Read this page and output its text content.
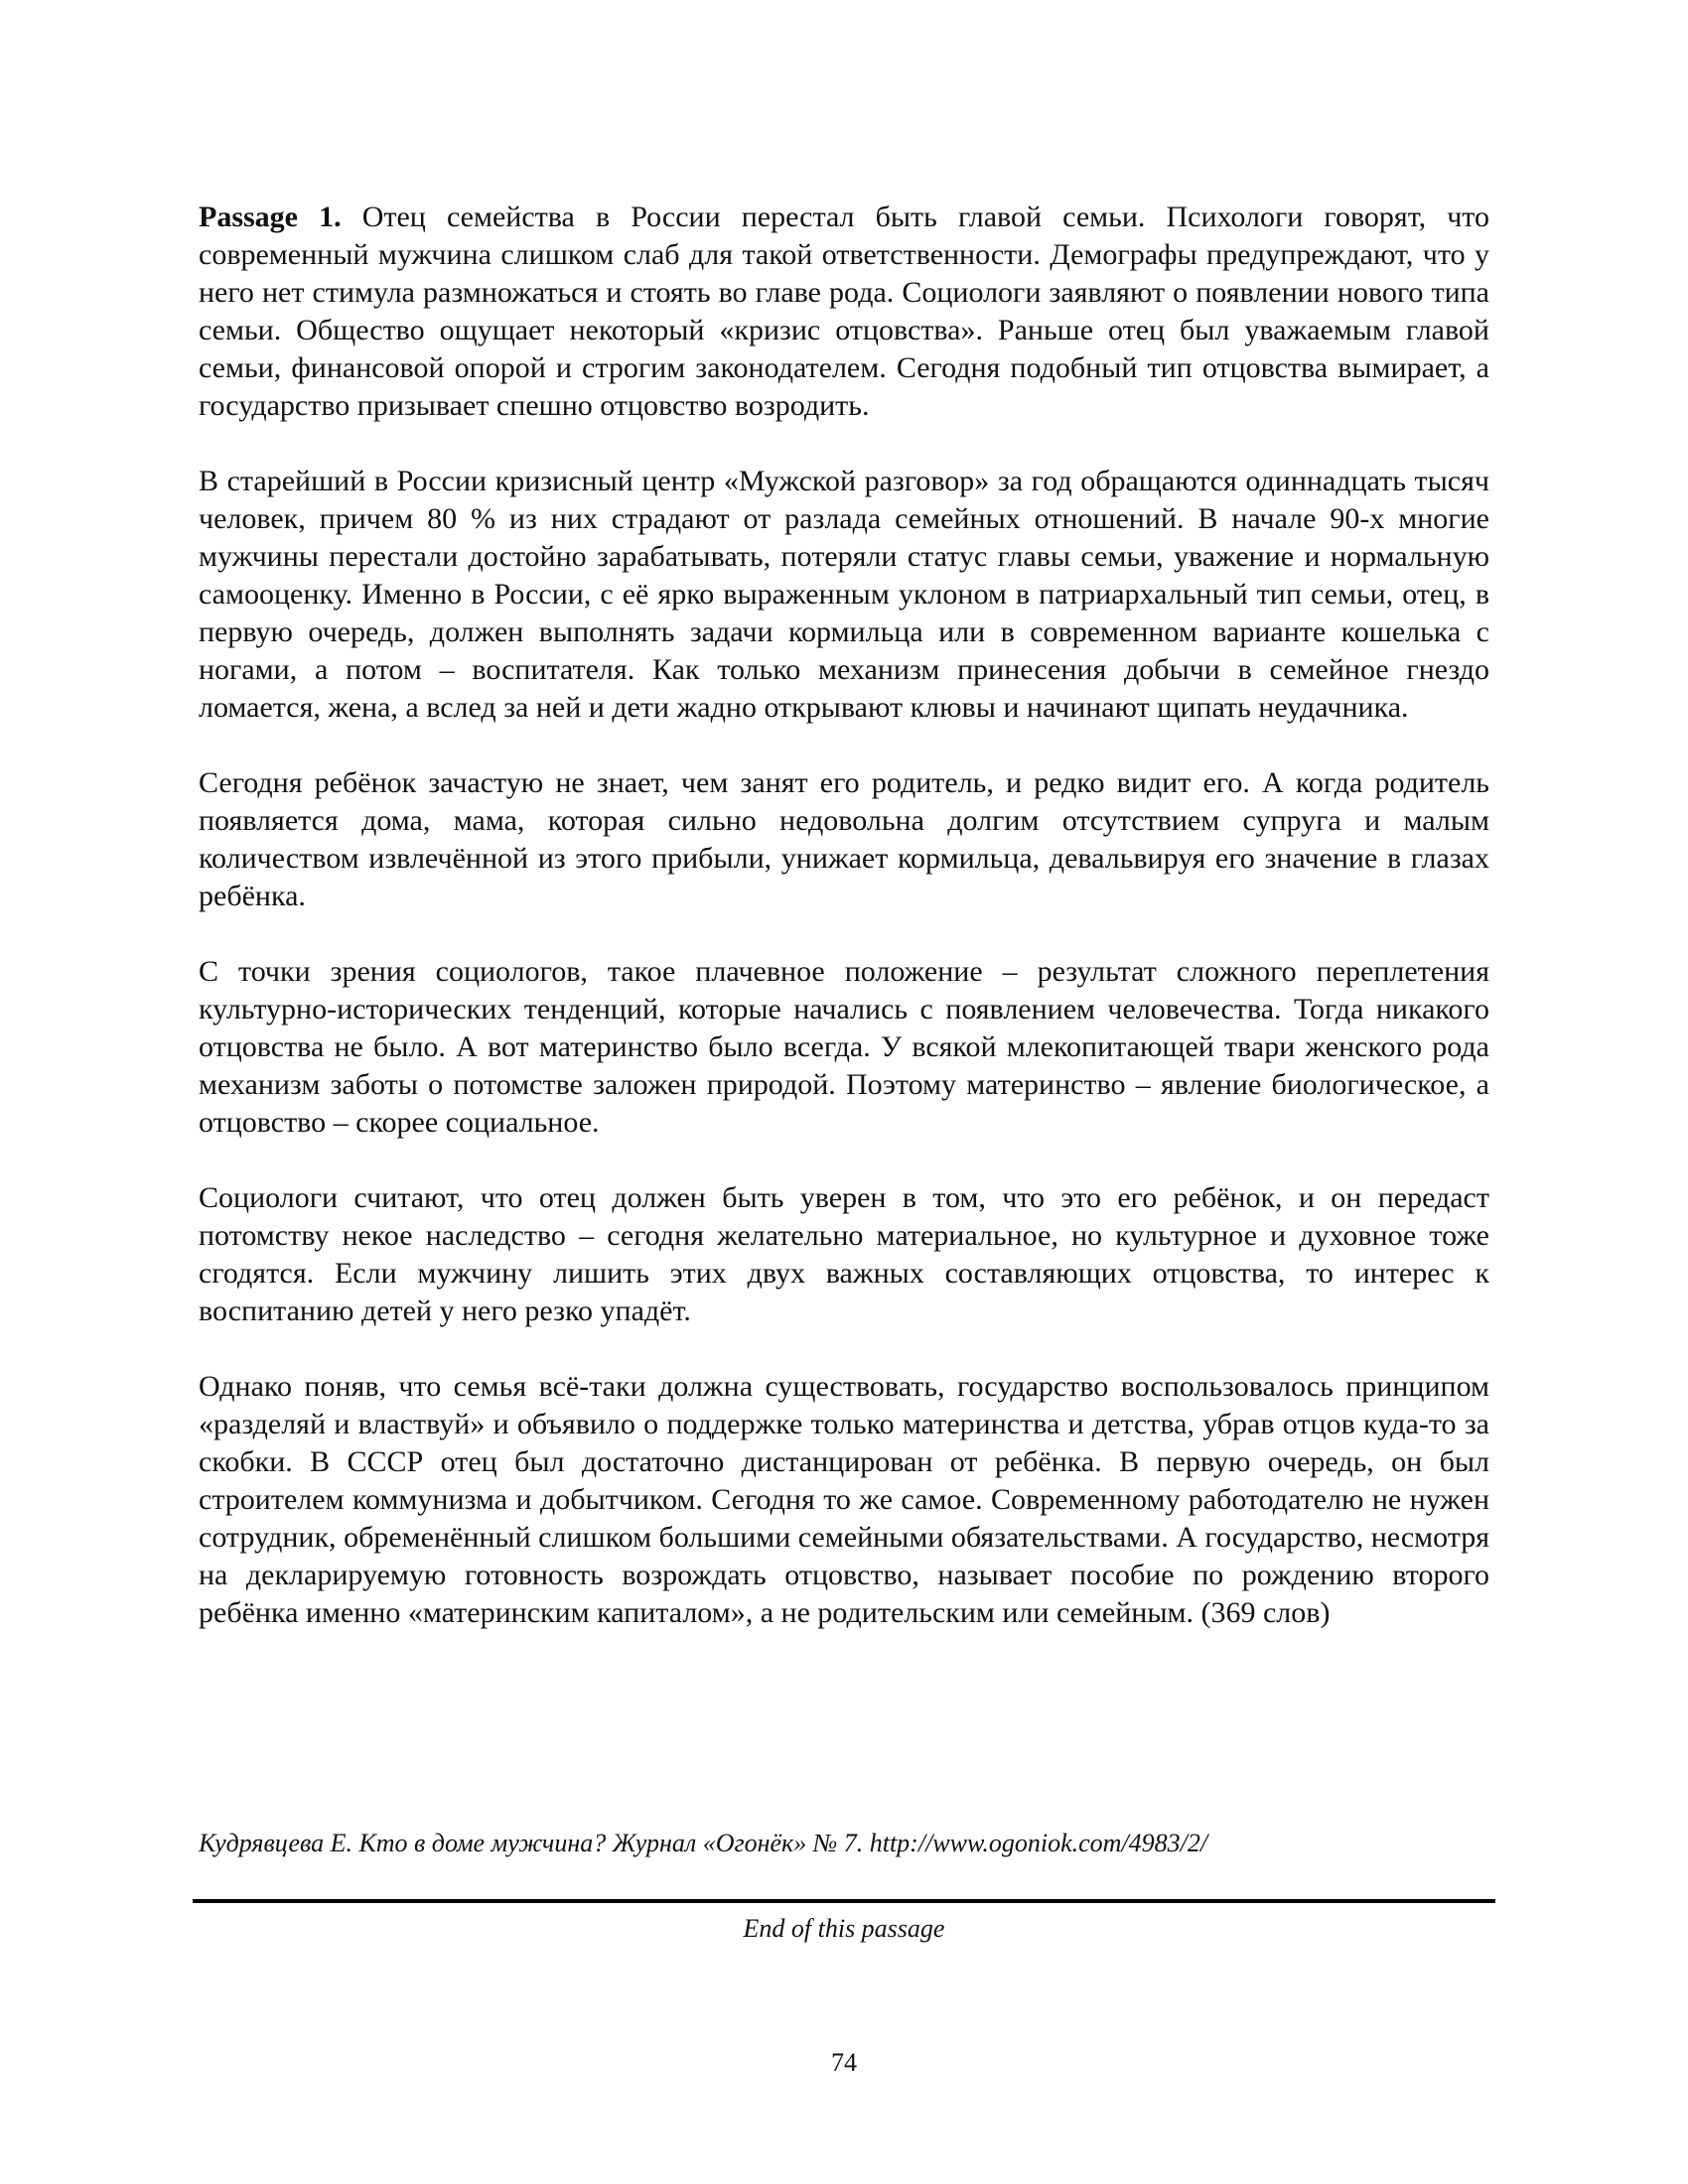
Passage 1. Отец семейства в России перестал быть главой семьи. Психологи говорят, что современный мужчина слишком слаб для такой ответственности. Демографы предупреждают, что у него нет стимула размножаться и стоять во главе рода. Социологи заявляют о появлении нового типа семьи. Общество ощущает некоторый «кризис отцовства». Раньше отец был уважаемым главой семьи, финансовой опорой и строгим законодателем. Сегодня подобный тип отцовства вымирает, а государство призывает спешно отцовство возродить.

В старейший в России кризисный центр «Мужской разговор» за год обращаются одиннадцать тысяч человек, причем 80 % из них страдают от разлада семейных отношений. В начале 90-х многие мужчины перестали достойно зарабатывать, потеряли статус главы семьи, уважение и нормальную самооценку. Именно в России, с её ярко выраженным уклоном в патриархальный тип семьи, отец, в первую очередь, должен выполнять задачи кормильца или в современном варианте кошелька с ногами, а потом – воспитателя. Как только механизм принесения добычи в семейное гнездо ломается, жена, а вслед за ней и дети жадно открывают клювы и начинают щипать неудачника.

Сегодня ребёнок зачастую не знает, чем занят его родитель, и редко видит его. А когда родитель появляется дома, мама, которая сильно недовольна долгим отсутствием супруга и малым количеством извлечённой из этого прибыли, унижает кормильца, девальвируя его значение в глазах ребёнка.

С точки зрения социологов, такое плачевное положение – результат сложного переплетения культурно-исторических тенденций, которые начались с появлением человечества. Тогда никакого отцовства не было. А вот материнство было всегда. У всякой млекопитающей твари женского рода механизм заботы о потомстве заложен природой. Поэтому материнство – явление биологическое, а отцовство – скорее социальное.

Социологи считают, что отец должен быть уверен в том, что это его ребёнок, и он передаст потомству некое наследство – сегодня желательно материальное, но культурное и духовное тоже сгодятся. Если мужчину лишить этих двух важных составляющих отцовства, то интерес к воспитанию детей у него резко упадёт.

Однако поняв, что семья всё-таки должна существовать, государство воспользовалось принципом «разделяй и властвуй» и объявило о поддержке только материнства и детства, убрав отцов куда-то за скобки. В СССР отец был достаточно дистанцирован от ребёнка. В первую очередь, он был строителем коммунизма и добытчиком. Сегодня то же самое. Современному работодателю не нужен сотрудник, обременённый слишком большими семейными обязательствами. А государство, несмотря на декларируемую готовность возрождать отцовство, называет пособие по рождению второго ребёнка именно «материнским капиталом», а не родительским или семейным. (369 слов)

Кудрявцева Е. Кто в доме мужчина? Журнал «Огонёк» № 7. http://www.ogoniok.com/4983/2/

End of this passage
74
